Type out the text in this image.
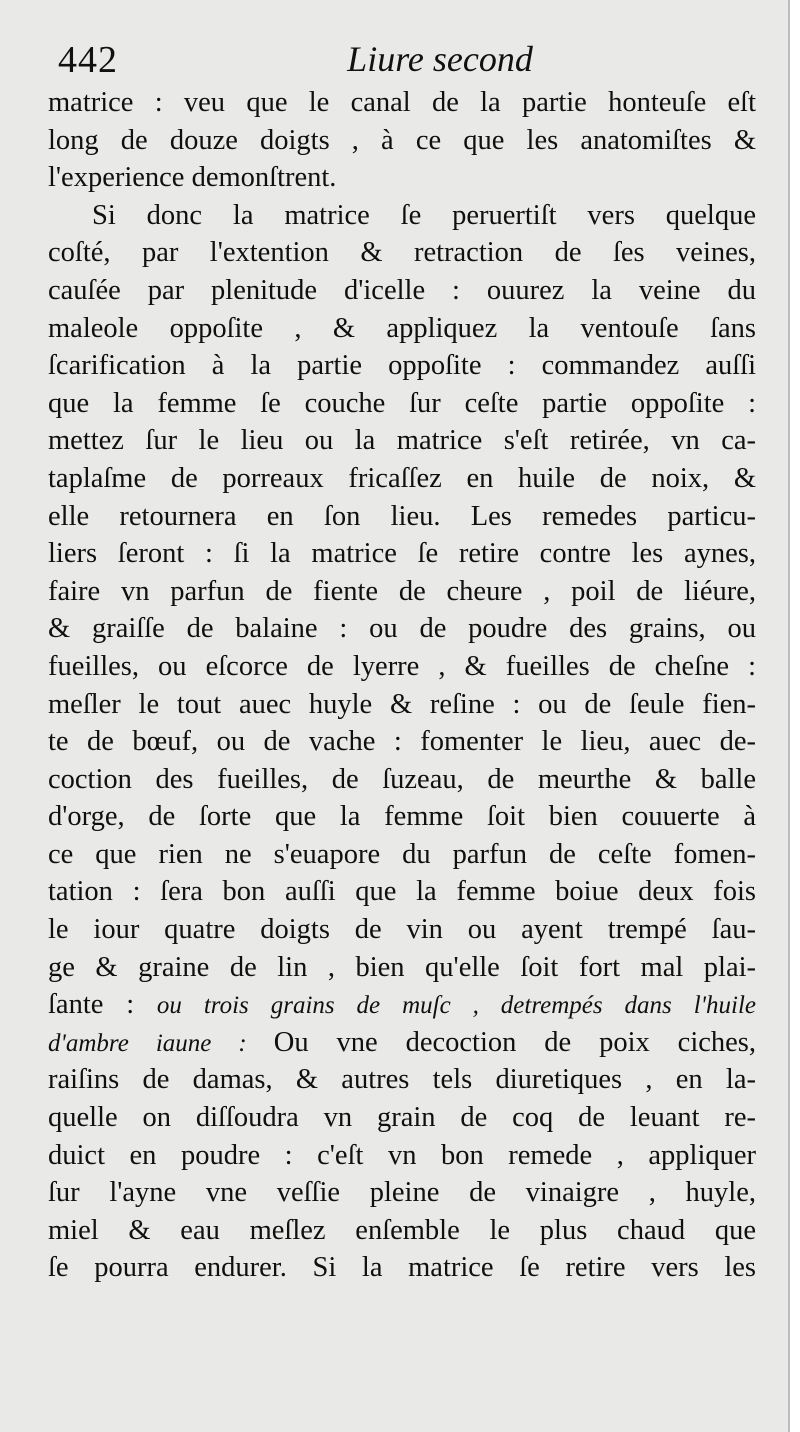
442	Liure second
matrice : veu que le canal de la partie honteuſe eſt
long de douze doigts , à ce que les anatomiſtes &
l'experience demonſtrent.
Si donc la matrice ſe peruertiſt vers quelque
coſté, par l'extention & retraction de ſes veines,
cauſée par plenitude d'icelle : ouurez la veine du
maleole oppoſite , & appliquez la ventouſe ſans
ſcarification à la partie oppoſite : commandez auſſi
que la femme ſe couche ſur ceſte partie oppoſite :
mettez ſur le lieu ou la matrice s'eſt retirée, vn ca-
taplaſme de porreaux fricaſſez en huile de noix, &
elle retournera en ſon lieu. Les remedes particu-
liers ſeront : ſi la matrice ſe retire contre les aynes,
faire vn parfun de fiente de cheure , poil de liéure,
& graiſſe de balaine : ou de poudre des grains, ou
fueilles, ou eſcorce de lyerre , & fueilles de cheſne :
meſler le tout auec huyle & reſine : ou de ſeule fien-
te de bœuf, ou de vache : fomenter le lieu, auec de-
coction des fueilles, de ſuzeau, de meurthe & balle
d'orge, de ſorte que la femme ſoit bien couuerte à
ce que rien ne s'euapore du parfun de ceſte fomen-
tation : ſera bon auſſi que la femme boiue deux fois
le iour quatre doigts de vin ou ayent trempé ſau-
ge & graine de lin , bien qu'elle ſoit fort mal plai-
ſante : ou trois grains de muſc , detrempés dans l'huile
d'ambre iaune : Ou vne decoction de poix ciches,
raiſins de damas, & autres tels diuretiques , en la-
quelle on diſſoudra vn grain de coq de leuant re-
duict en poudre : c'eſt vn bon remede , appliquer
ſur l'ayne vne veſſie pleine de vinaigre , huyle,
miel & eau meſlez enſemble le plus chaud que
ſe pourra endurer. Si la matrice ſe retire vers les
